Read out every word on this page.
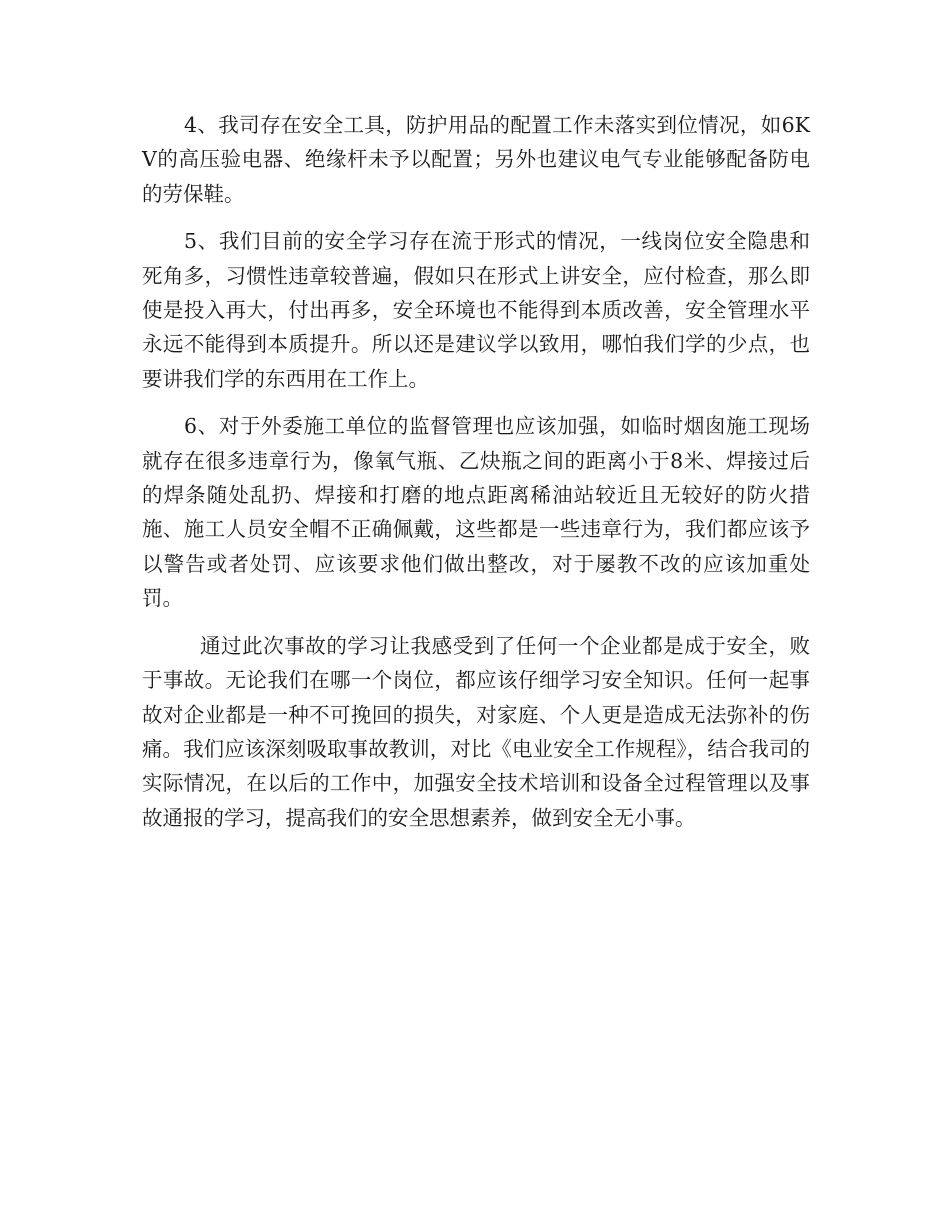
4、我司存在安全工具，防护用品的配置工作未落实到位情况，如6KV的高压验电器、绝缘杆未予以配置；另外也建议电气专业能够配备防电的劳保鞋。

5、我们目前的安全学习存在流于形式的情况，一线岗位安全隐患和死角多，习惯性违章较普遍，假如只在形式上讲安全，应付检查，那么即使是投入再大，付出再多，安全环境也不能得到本质改善，安全管理水平永远不能得到本质提升。所以还是建议学以致用，哪怕我们学的少点，也要讲我们学的东西用在工作上。

6、对于外委施工单位的监督管理也应该加强，如临时烟囱施工现场就存在很多违章行为，像氧气瓶、乙炔瓶之间的距离小于8米、焊接过后的焊条随处乱扔、焊接和打磨的地点距离稀油站较近且无较好的防火措施、施工人员安全帽不正确佩戴，这些都是一些违章行为，我们都应该予以警告或者处罚、应该要求他们做出整改，对于屡教不改的应该加重处罚。

通过此次事故的学习让我感受到了任何一个企业都是成于安全，败于事故。无论我们在哪一个岗位，都应该仔细学习安全知识。任何一起事故对企业都是一种不可挽回的损失，对家庭、个人更是造成无法弥补的伤痛。我们应该深刻吸取事故教训，对比《电业安全工作规程》，结合我司的实际情况，在以后的工作中，加强安全技术培训和设备全过程管理以及事故通报的学习，提高我们的安全思想素养，做到安全无小事。
